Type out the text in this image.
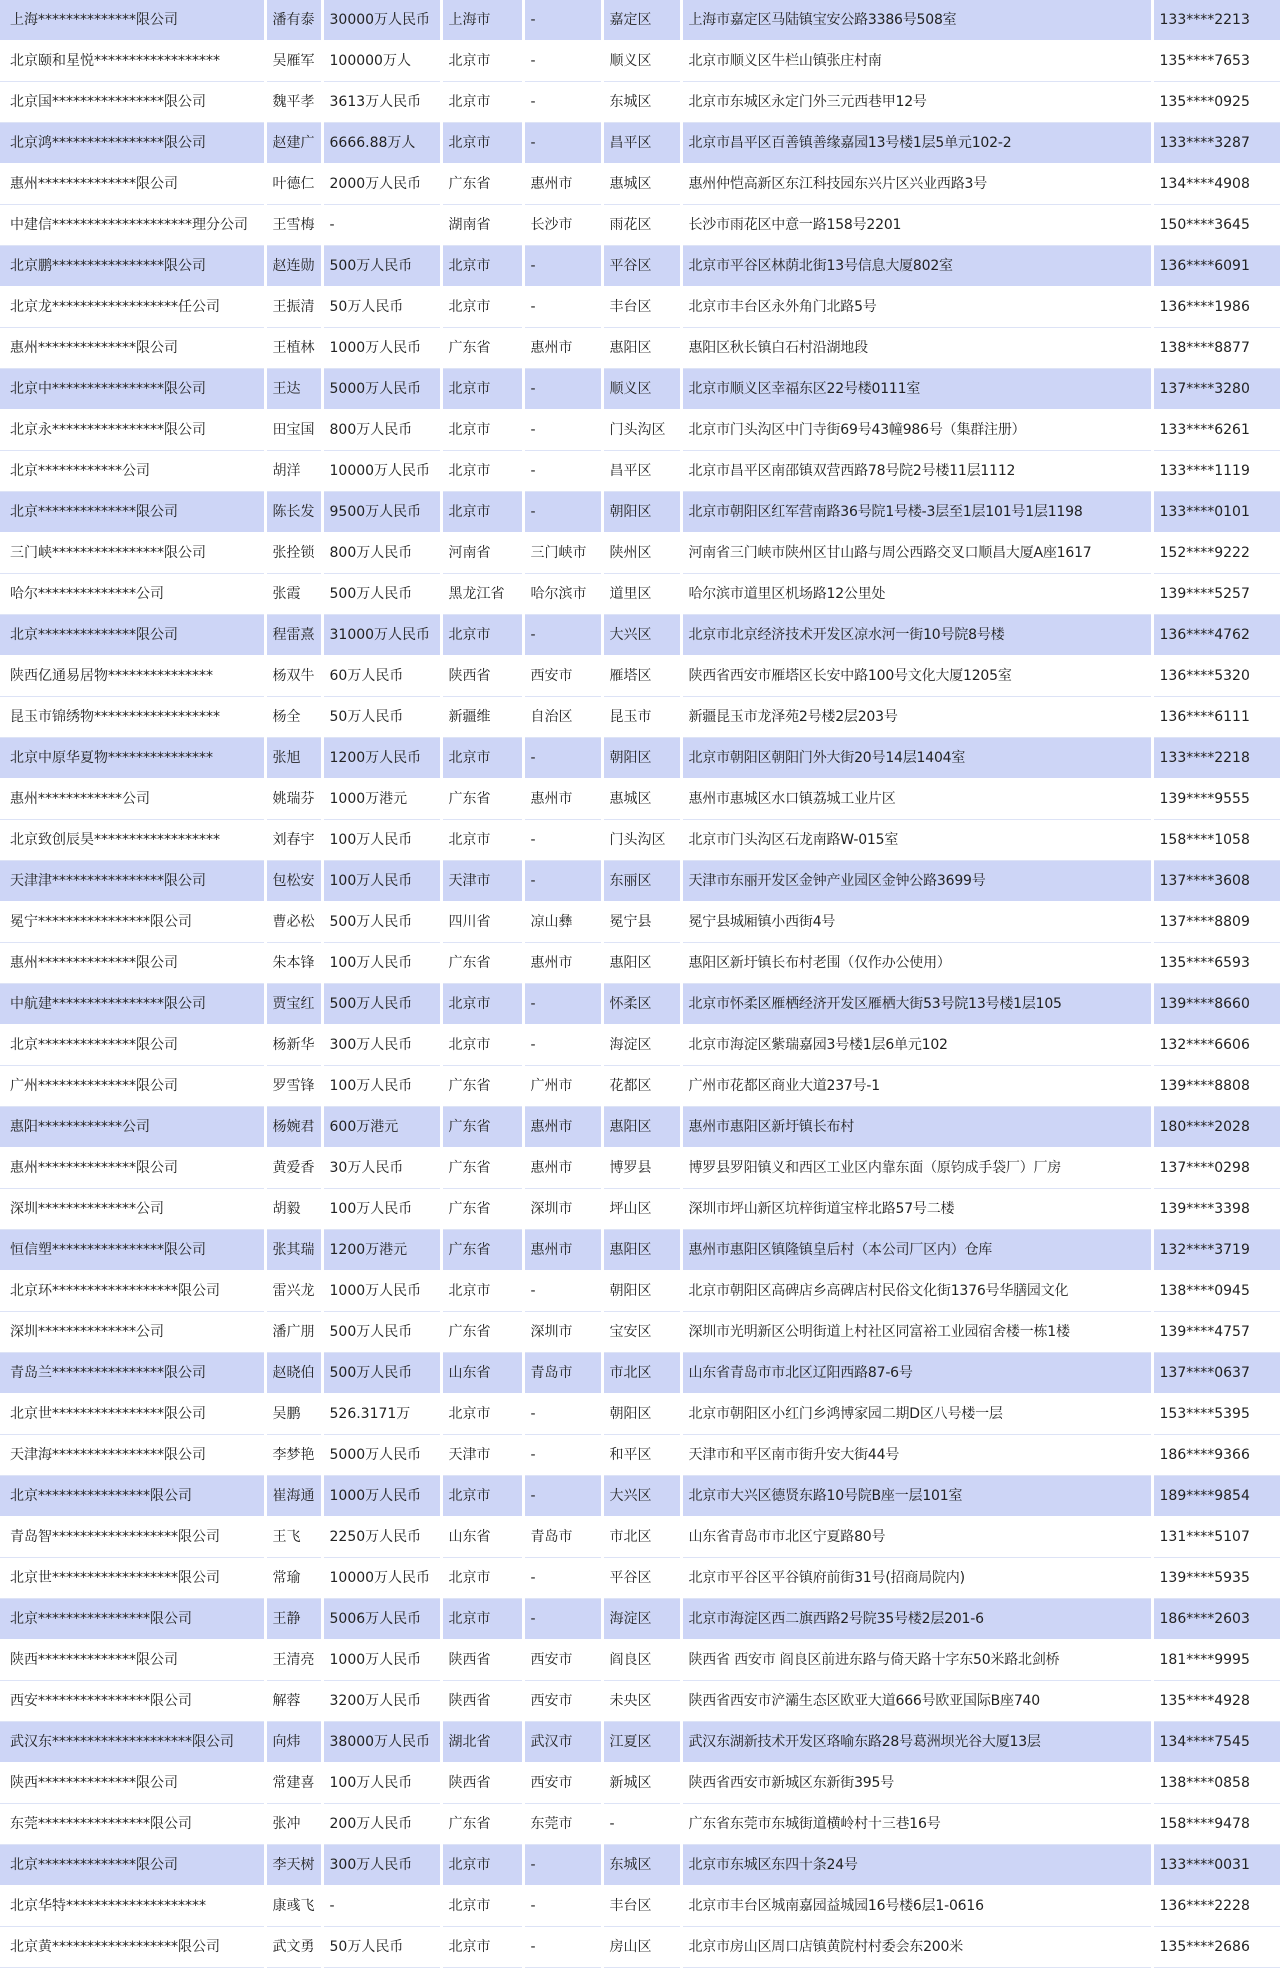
上海**************限公司	潘有泰	30000万人民币	上海市	-	嘉定区	上海市嘉定区马陆镇宝安公路3386号508室	133****2213
北京颐和星悦******************	吴雁军	100000万人	北京市	-	顺义区	北京市顺义区牛栏山镇张庄村南	135****7653
北京国****************限公司	魏平孝	3613万人民币	北京市	-	东城区	北京市东城区永定门外三元西巷甲12号	135****0925
北京鸿****************限公司	赵建广	6666.88万人	北京市	-	昌平区	北京市昌平区百善镇善缘嘉园13号楼1层5单元102-2	133****3287
惠州**************限公司	叶德仁	2000万人民币	广东省	惠州市	惠城区	惠州仲恺高新区东江科技园东兴片区兴业西路3号	134****4908
中建信********************理分公司	王雪梅	-	湖南省	长沙市	雨花区	长沙市雨花区中意一路158号2201	150****3645
北京鹏****************限公司	赵连勋	500万人民币	北京市	-	平谷区	北京市平谷区林荫北街13号信息大厦802室	136****6091
北京龙******************任公司	王振清	50万人民币	北京市	-	丰台区	北京市丰台区永外角门北路5号	136****1986
惠州**************限公司	王植林	1000万人民币	广东省	惠州市	惠阳区	惠阳区秋长镇白石村沿湖地段	138****8877
北京中****************限公司	王达	5000万人民币	北京市	-	顺义区	北京市顺义区幸福东区22号楼0111室	137****3280
北京永****************限公司	田宝国	800万人民币	北京市	-	门头沟区	北京市门头沟区中门寺街69号43幢986号（集群注册）	133****6261
北京************公司	胡洋	10000万人民币	北京市	-	昌平区	北京市昌平区南邵镇双营西路78号院2号楼11层1112	133****1119
北京**************限公司	陈长发	9500万人民币	北京市	-	朝阳区	北京市朝阳区红军营南路36号院1号楼-3层至1层101号1层1198	133****0101
三门峡****************限公司	张拴锁	800万人民币	河南省	三门峡市	陕州区	河南省三门峡市陕州区甘山路与周公西路交叉口顺昌大厦A座1617	152****9222
哈尔**************公司	张霞	500万人民币	黑龙江省	哈尔滨市	道里区	哈尔滨市道里区机场路12公里处	139****5257
北京**************限公司	程雷熹	31000万人民币	北京市	-	大兴区	北京市北京经济技术开发区凉水河一街10号院8号楼	136****4762
陕西亿通易居物***************	杨双牛	60万人民币	陕西省	西安市	雁塔区	陕西省西安市雁塔区长安中路100号文化大厦1205室	136****5320
昆玉市锦绣物******************	杨全	50万人民币	新疆维	自治区	昆玉市	新疆昆玉市龙泽苑2号楼2层203号	136****6111
北京中原华夏物***************	张旭	1200万人民币	北京市	-	朝阳区	北京市朝阳区朝阳门外大街20号14层1404室	133****2218
惠州************公司	姚瑞芬	1000万港元	广东省	惠州市	惠城区	惠州市惠城区水口镇荔城工业片区	139****9555
北京致创辰昊******************	刘春宇	100万人民币	北京市	-	门头沟区	北京市门头沟区石龙南路W-015室	158****1058
天津津****************限公司	包松安	100万人民币	天津市	-	东丽区	天津市东丽开发区金钟产业园区金钟公路3699号	137****3608
冕宁****************限公司	曹必松	500万人民币	四川省	凉山彝	冕宁县	冕宁县城厢镇小西街4号	137****8809
惠州**************限公司	朱本锋	100万人民币	广东省	惠州市	惠阳区	惠阳区新圩镇长布村老围（仅作办公使用）	135****6593
中航建****************限公司	贾宝红	500万人民币	北京市	-	怀柔区	北京市怀柔区雁栖经济开发区雁栖大街53号院13号楼1层105	139****8660
北京**************限公司	杨新华	300万人民币	北京市	-	海淀区	北京市海淀区紫瑞嘉园3号楼1层6单元102	132****6606
广州**************限公司	罗雪锋	100万人民币	广东省	广州市	花都区	广州市花都区商业大道237号-1	139****8808
惠阳************公司	杨婉君	600万港元	广东省	惠州市	惠阳区	惠州市惠阳区新圩镇长布村	180****2028
惠州**************限公司	黄爱香	30万人民币	广东省	惠州市	博罗县	博罗县罗阳镇义和西区工业区内靠东面（原钧成手袋厂）厂房	137****0298
深圳**************公司	胡毅	100万人民币	广东省	深圳市	坪山区	深圳市坪山新区坑梓街道宝梓北路57号二楼	139****3398
恒信塑****************限公司	张其瑞	1200万港元	广东省	惠州市	惠阳区	惠州市惠阳区镇隆镇皇后村（本公司厂区内）仓库	132****3719
北京环******************限公司	雷兴龙	1000万人民币	北京市	-	朝阳区	北京市朝阳区高碑店乡高碑店村民俗文化街1376号华膳园文化	138****0945
深圳**************公司	潘广朋	500万人民币	广东省	深圳市	宝安区	深圳市光明新区公明街道上村社区同富裕工业园宿舍楼一栋1楼	139****4757
青岛兰****************限公司	赵晓伯	500万人民币	山东省	青岛市	市北区	山东省青岛市市北区辽阳西路87-6号	137****0637
北京世****************限公司	吴鹏	526.3171万	北京市	-	朝阳区	北京市朝阳区小红门乡鸿博家园二期D区八号楼一层	153****5395
天津海****************限公司	李梦艳	5000万人民币	天津市	-	和平区	天津市和平区南市街升安大街44号	186****9366
北京****************限公司	崔海通	1000万人民币	北京市	-	大兴区	北京市大兴区德贤东路10号院B座一层101室	189****9854
青岛智******************限公司	王飞	2250万人民币	山东省	青岛市	市北区	山东省青岛市市北区宁夏路80号	131****5107
北京世******************限公司	常瑜	10000万人民币	北京市	-	平谷区	北京市平谷区平谷镇府前街31号(招商局院内)	139****5935
北京****************限公司	王静	5006万人民币	北京市	-	海淀区	北京市海淀区西二旗西路2号院35号楼2层201-6	186****2603
陕西**************限公司	王清亮	1000万人民币	陕西省	西安市	阎良区	陕西省 西安市 阎良区前进东路与倚天路十字东50米路北剑桥	181****9995
西安****************限公司	解蓉	3200万人民币	陕西省	西安市	未央区	陕西省西安市浐灞生态区欧亚大道666号欧亚国际B座740	135****4928
武汉东********************限公司	向炜	38000万人民币	湖北省	武汉市	江夏区	武汉东湖新技术开发区珞喻东路28号葛洲坝光谷大厦13层	134****7545
陕西**************限公司	常建喜	100万人民币	陕西省	西安市	新城区	陕西省西安市新城区东新街395号	138****0858
东莞****************限公司	张冲	200万人民币	广东省	东莞市	-	广东省东莞市东城街道横岭村十三巷16号	158****9478
北京**************限公司	李天树	300万人民币	北京市	-	东城区	北京市东城区东四十条24号	133****0031
北京华特********************	康彧飞	-	北京市	-	丰台区	北京市丰台区城南嘉园益城园16号楼6层1-0616	136****2228
北京黄******************限公司	武文勇	50万人民币	北京市	-	房山区	北京市房山区周口店镇黄院村村委会东200米	135****2686
